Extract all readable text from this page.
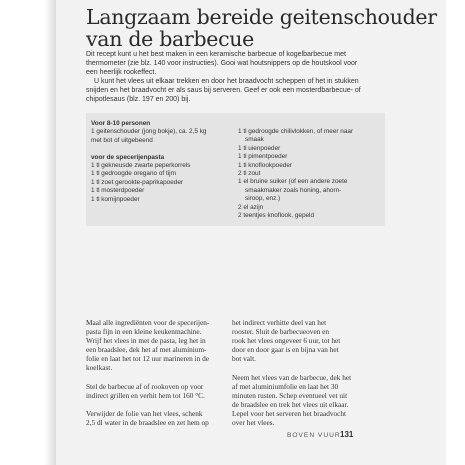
Langzaam bereide geitenschouder
van de barbecue

Dit recept kunt u het best maken in een keramische barbecue of kogelbarbecue met
thermometer (zie blz. 140 voor instructies). Gooi wat houtsnippers op de houtskool voor
een heerlijk rookeffect.

U kunt het vlees uit elkaar trekken en door het braadvocht scheppen of het in stukken
snijden en het braadvocht er als saus bij serveren. Geef er ook een mosterdbarbecue- of
chipotlesaus (blz. 197 en 200) bij.

Voor 8-10 personen
1 geitenschouder (jong bokje), ca. 2,5 kg
met bot of uitgebeend
voor de specerijenpasta
1 tl gekneusde zwarte peperkorrels
1 tl gedroogde oregano of tijm
1 tl zoet gerookte-paprikapoeder
1 tl mosterdpoeder
1 tl komijnpoeder
1 tl gedroogde chilivlokken, of meer naar
smaak
1 tl uienpoeder
1 tl pimentpoeder
1 tl knoflookpoeder
2 tl zout
1 el bruine suiker (of een andere zoete
smaakmaker zoals honing, ahorn-
siroop, enz.)
2 el azijn
2 teentjes knoflook, gepeld

Maal alle ingrediënten voor de specerijen-
pasta fijn in een kleine keukenmachine.
Wrijf het vlees in met de pasta, leg het in
een braadslee, dek het af met aluminium-
folie en laat het tot 12 uur marineren in de
koelkast.

Stel de barbecue af of rookoven op voor
indirect grillen en verhit hem tot 160 °C.

Verwijder de folie van het vlees, schenk
2,5 dl water in de braadslee en zet hem op

het indirect verhitte deel van het
rooster. Sluit de barbecueoven en
rook het vlees ongeveer 6 uur, tot het
door en door gaar is en bijna van het
bot valt.

Neem het vlees van de barbecue, dek het
af met aluminiumfolie en laat het 30
minuten rusten. Schep eventueel vet uit
de braadslee en trek het vlees uit elkaar.
Lepel voor het serveren het braadvocht
over het vlees.

BOVEN VUUR 131
